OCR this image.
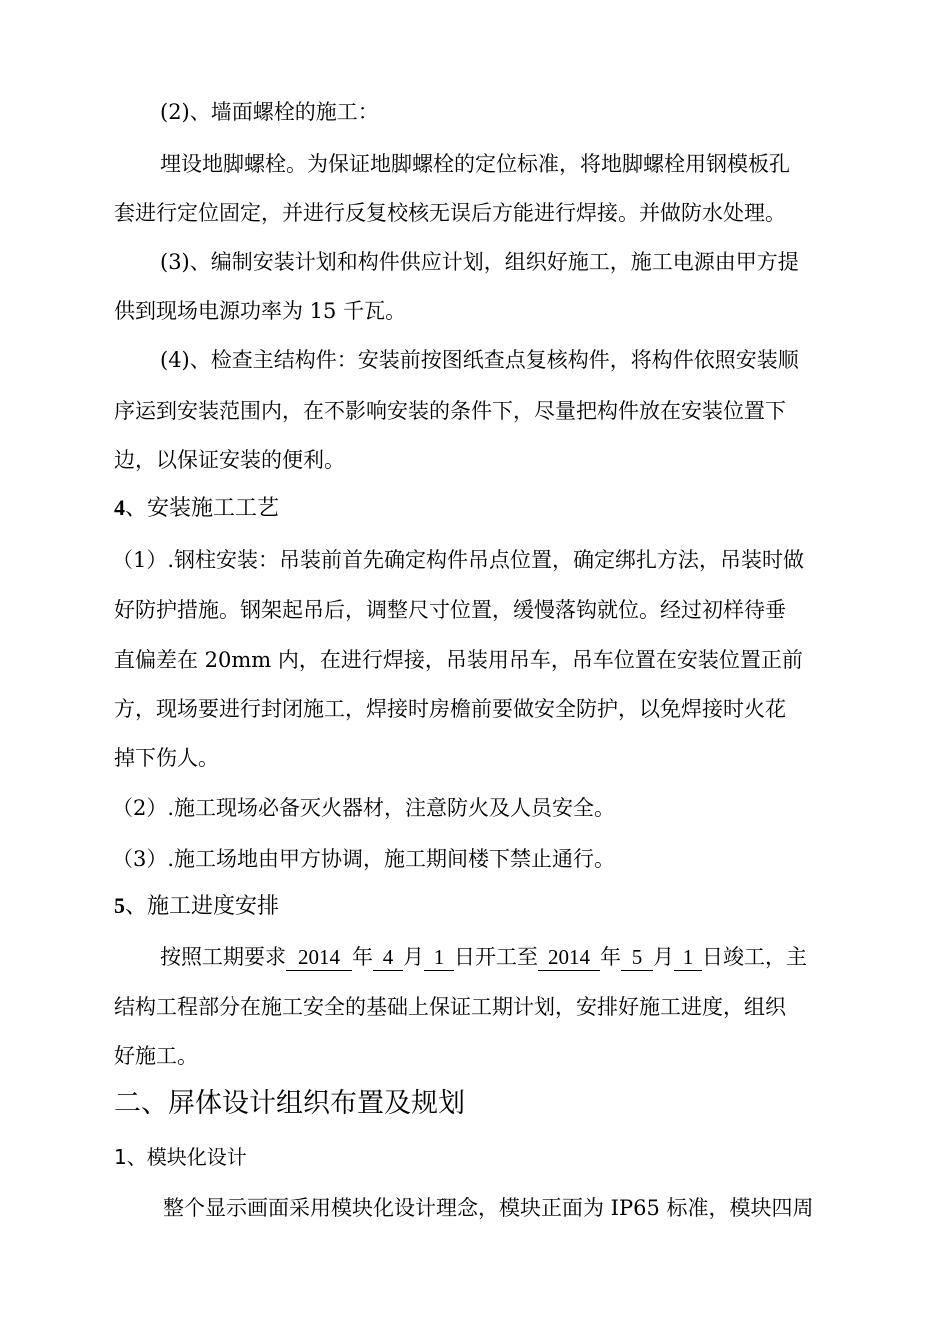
(2)、墙面螺栓的施工：
埋设地脚螺栓。为保证地脚螺栓的定位标准，将地脚螺栓用钢模板孔
套进行定位固定，并进行反复校核无误后方能进行焊接。并做防水处理。
(3)、编制安装计划和构件供应计划，组织好施工，施工电源由甲方提
供到现场电源功率为 15 千瓦。
(4)、检查主结构件：安装前按图纸查点复核构件，将构件依照安装顺
序运到安装范围内，在不影响安装的条件下，尽量把构件放在安装位置下
边，以保证安装的便利。
4、安装施工工艺
（1）.钢柱安装：吊装前首先确定构件吊点位置，确定绑扎方法，吊装时做
好防护措施。钢架起吊后，调整尺寸位置，缓慢落钩就位。经过初样待垂
直偏差在 20mm 内，在进行焊接，吊装用吊车，吊车位置在安装位置正前
方，现场要进行封闭施工，焊接时房檐前要做安全防护，以免焊接时火花
掉下伤人。
（2）.施工现场必备灭火器材，注意防火及人员安全。
（3）.施工场地由甲方协调，施工期间楼下禁止通行。
5、施工进度安排
按照工期要求 2014 年 4 月 1 日开工至 2014 年 5 月 1 日竣工，主
结构工程部分在施工安全的基础上保证工期计划，安排好施工进度，组织
好施工。
二、屏体设计组织布置及规划
1、模块化设计
整个显示画面采用模块化设计理念，模块正面为 IP65 标准，模块四周
